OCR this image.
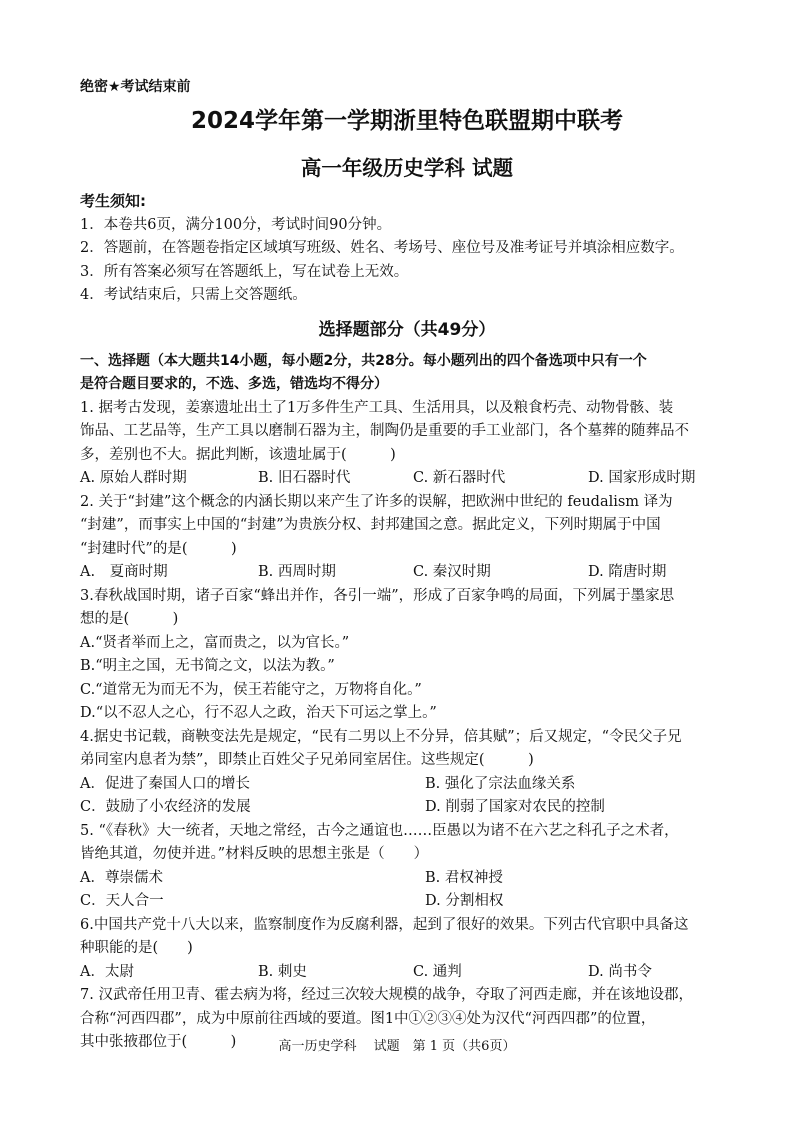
绝密★考试结束前
2024学年第一学期浙里特色联盟期中联考
高一年级历史学科 试题
考生须知:
1．本卷共6页，满分100分，考试时间90分钟。
2．答题前，在答题卷指定区域填写班级、姓名、考场号、座位号及准考证号并填涂相应数字。
3．所有答案必须写在答题纸上，写在试卷上无效。
4．考试结束后，只需上交答题纸。
选择题部分（共49分）
一、选择题（本大题共14小题，每小题2分，共28分。每小题列出的四个备选项中只有一个
是符合题目要求的，不选、多选，错选均不得分）
1. 据考古发现，姜寨遗址出土了1万多件生产工具、生活用具，以及粮食朽壳、动物骨骸、装
饰品、工艺品等，生产工具以磨制石器为主，制陶仍是重要的手工业部门，各个墓葬的随葬品不
多，差别也不大。据此判断，该遗址属于(　　　)
A. 原始人群时期	B. 旧石器时代	C. 新石器时代	D. 国家形成时期
2. 关于“封建”这个概念的内涵长期以来产生了许多的误解，把欧洲中世纪的 feudalism 译为
“封建”，而事实上中国的“封建”为贵族分权、封邦建国之意。据此定义，下列时期属于中国
“封建时代”的是(　　　)
A.　夏商时期	B. 西周时期	C. 秦汉时期	D. 隋唐时期
3.春秋战国时期，诸子百家“蜂出并作，各引一端”，形成了百家争鸣的局面，下列属于墨家思
想的是(　　　)
A.“贤者举而上之，富而贵之，以为官长。”
B.“明主之国，无书简之文，以法为教。”
C.“道常无为而无不为，侯王若能守之，万物将自化。”
D.“以不忍人之心，行不忍人之政，治天下可运之掌上。”
4.据史书记载，商鞅变法先是规定，“民有二男以上不分异，倍其赋”；后又规定，“令民父子兄
弟同室内息者为禁”，即禁止百姓父子兄弟同室居住。这些规定(　　　)
A．促进了秦国人口的增长	B. 强化了宗法血缘关系
C．鼓励了小农经济的发展	D. 削弱了国家对农民的控制
5. “《春秋》大一统者，天地之常经，古今之通谊也……臣愚以为诸不在六艺之科孔子之术者，
皆绝其道，勿使并进。”材料反映的思想主张是（　　）
A．尊崇儒术	B. 君权神授
C．天人合一	D. 分割相权
6.中国共产党十八大以来，监察制度作为反腐利器，起到了很好的效果。下列古代官职中具备这
种职能的是(　　)
A．太尉	B. 刺史	C. 通判	D. 尚书令
7. 汉武帝任用卫青、霍去病为将，经过三次较大规模的战争，夺取了河西走廊，并在该地设郡，
合称“河西四郡”，成为中原前往西域的要道。图1中①②③④处为汉代“河西四郡”的位置，
其中张掖郡位于(　　　)	高一历史学科　 试题　第 1 页（共6页）
